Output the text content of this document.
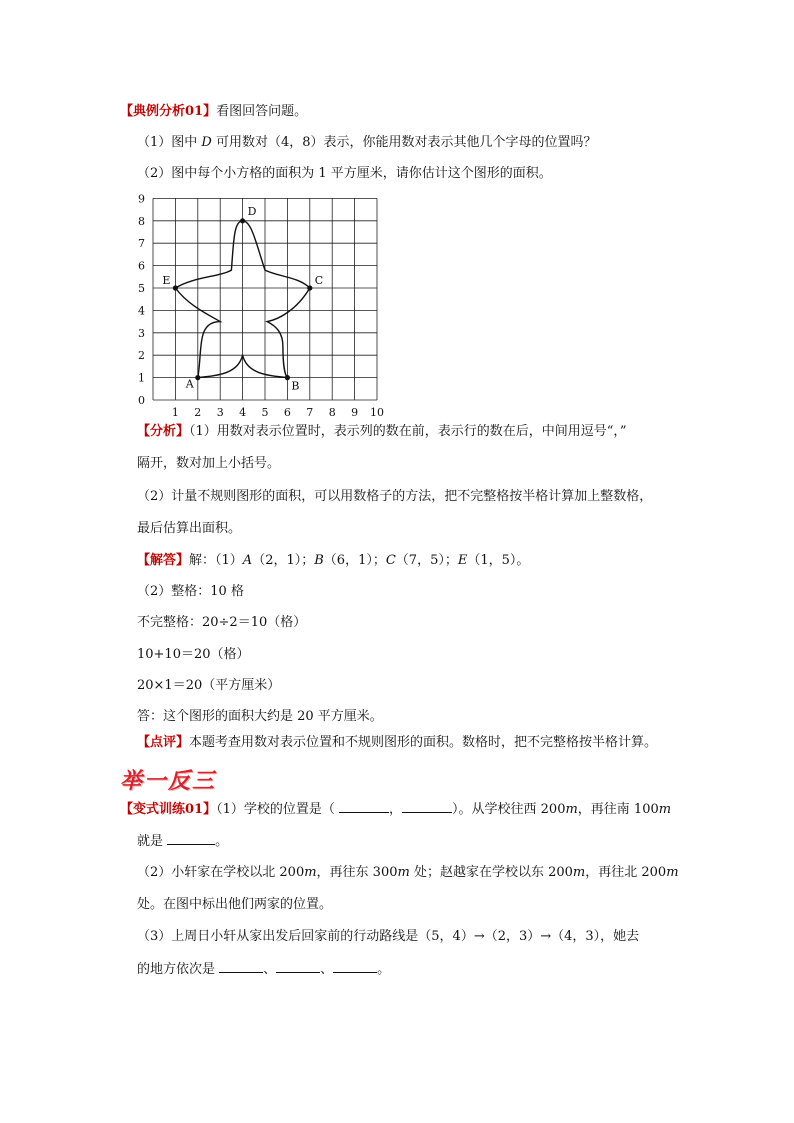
【典例分析01】看图回答问题。
（1）图中 D 可用数对（4，8）表示，你能用数对表示其他几个字母的位置吗？
（2）图中每个小方格的面积为 1 平方厘米，请你估计这个图形的面积。
1 2 3 4 5 6 7 8 9 10
0
1
2
3
4
5
6
7
8
9
A	B
C
D
E
【分析】（1）用数对表示位置时，表示列的数在前，表示行的数在后，中间用逗号“，”
隔开，数对加上小括号。
（2）计量不规则图形的面积，可以用数格子的方法，把不完整格按半格计算加上整数格，
最后估算出面积。
【解答】解：（1）A（2，1）；B（6，1）；C（7，5）；E（1，5）。
（2）整格：10 格
不完整格：20÷2＝10（格）
10+10＝20（格）
20×1＝20（平方厘米）
答：这个图形的面积大约是 20 平方厘米。
【点评】本题考查用数对表示位置和不规则图形的面积。数格时，把不完整格按半格计算。
举一反三
【变式训练01】（1）学校的位置是（	，	）。从学校往西 200m，再往南 100m
就是	。
（2）小轩家在学校以北 200m，再往东 300m 处；赵越家在学校以东 200m，再往北 200m
处。在图中标出他们两家的位置。
（3）上周日小轩从家出发后回家前的行动路线是（5，4）→（2，3）→（4，3），她去
的地方依次是	、	、	。
